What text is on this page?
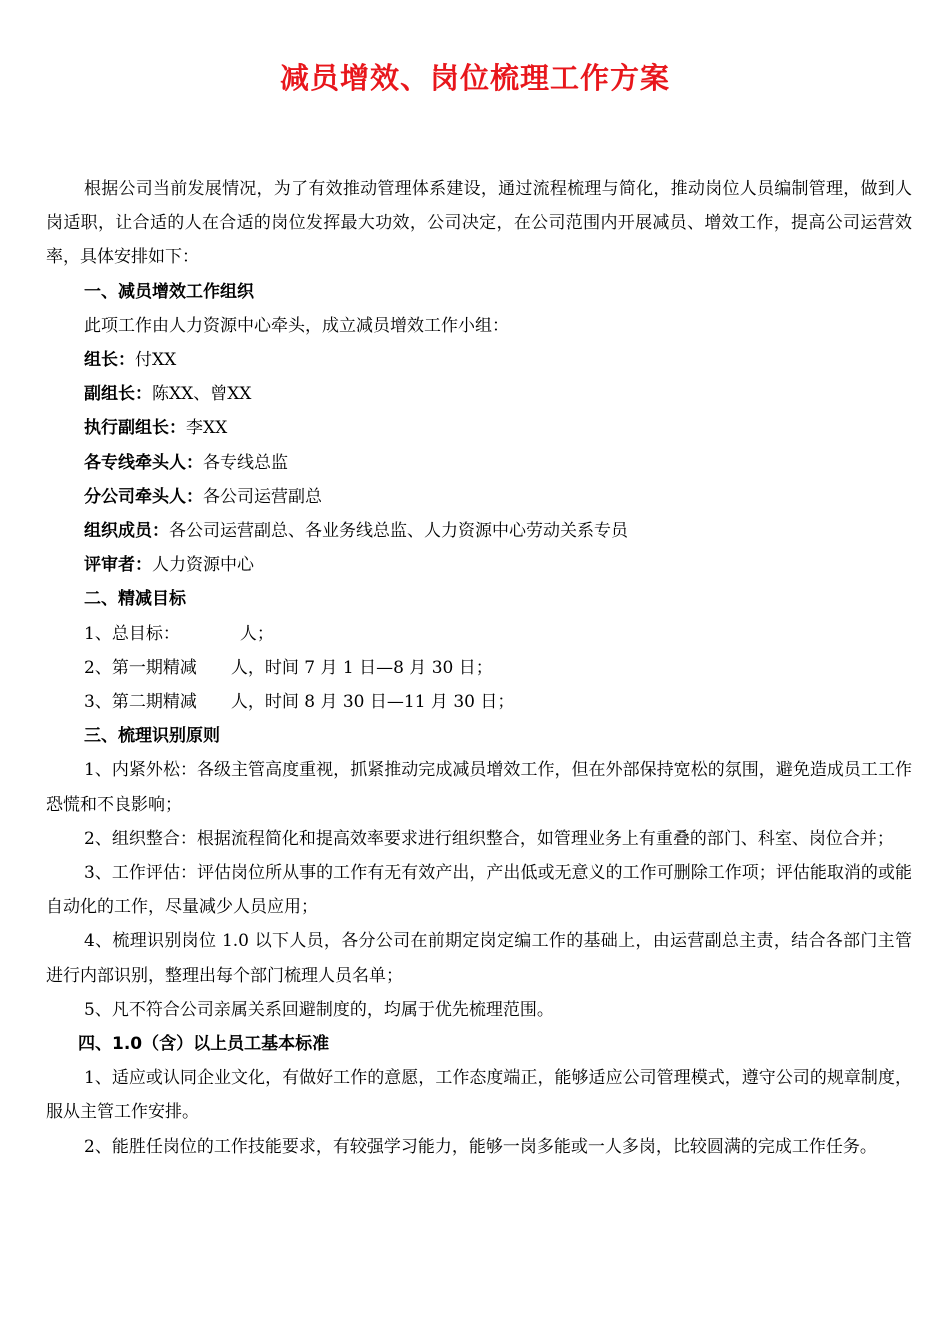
减员增效、岗位梳理工作方案

根据公司当前发展情况，为了有效推动管理体系建设，通过流程梳理与简化，推动岗位人员编制管理，做到人岗适职，让合适的人在合适的岗位发挥最大功效，公司决定，在公司范围内开展减员、增效工作，提高公司运营效率，具体安排如下：

一、减员增效工作组织

此项工作由人力资源中心牵头，成立减员增效工作小组：

组长：付XX

副组长：陈XX、曾XX

执行副组长：李XX

各专线牵头人：各专线总监

分公司牵头人：各公司运营副总

组织成员：各公司运营副总、各业务线总监、人力资源中心劳动关系专员

评审者：人力资源中心

二、精减目标

1、总目标：	人；

2、第一期精减 人，时间 7 月 1 日—8 月 30 日；

3、第二期精减 人，时间 8 月 30 日—11 月 30 日；

三、梳理识别原则

1、内紧外松：各级主管高度重视，抓紧推动完成减员增效工作，但在外部保持宽松的氛围，避免造成员工工作恐慌和不良影响；

2、组织整合：根据流程简化和提高效率要求进行组织整合，如管理业务上有重叠的部门、科室、岗位合并；

3、工作评估：评估岗位所从事的工作有无有效产出，产出低或无意义的工作可删除工作项；评估能取消的或能自动化的工作，尽量减少人员应用；

4、梳理识别岗位 1.0 以下人员，各分公司在前期定岗定编工作的基础上，由运营副总主责，结合各部门主管进行内部识别，整理出每个部门梳理人员名单；

5、凡不符合公司亲属关系回避制度的，均属于优先梳理范围。

四、1.0（含）以上员工基本标准

1、适应或认同企业文化，有做好工作的意愿，工作态度端正，能够适应公司管理模式，遵守公司的规章制度，服从主管工作安排。

2、能胜任岗位的工作技能要求，有较强学习能力，能够一岗多能或一人多岗，比较圆满的完成工作任务。
